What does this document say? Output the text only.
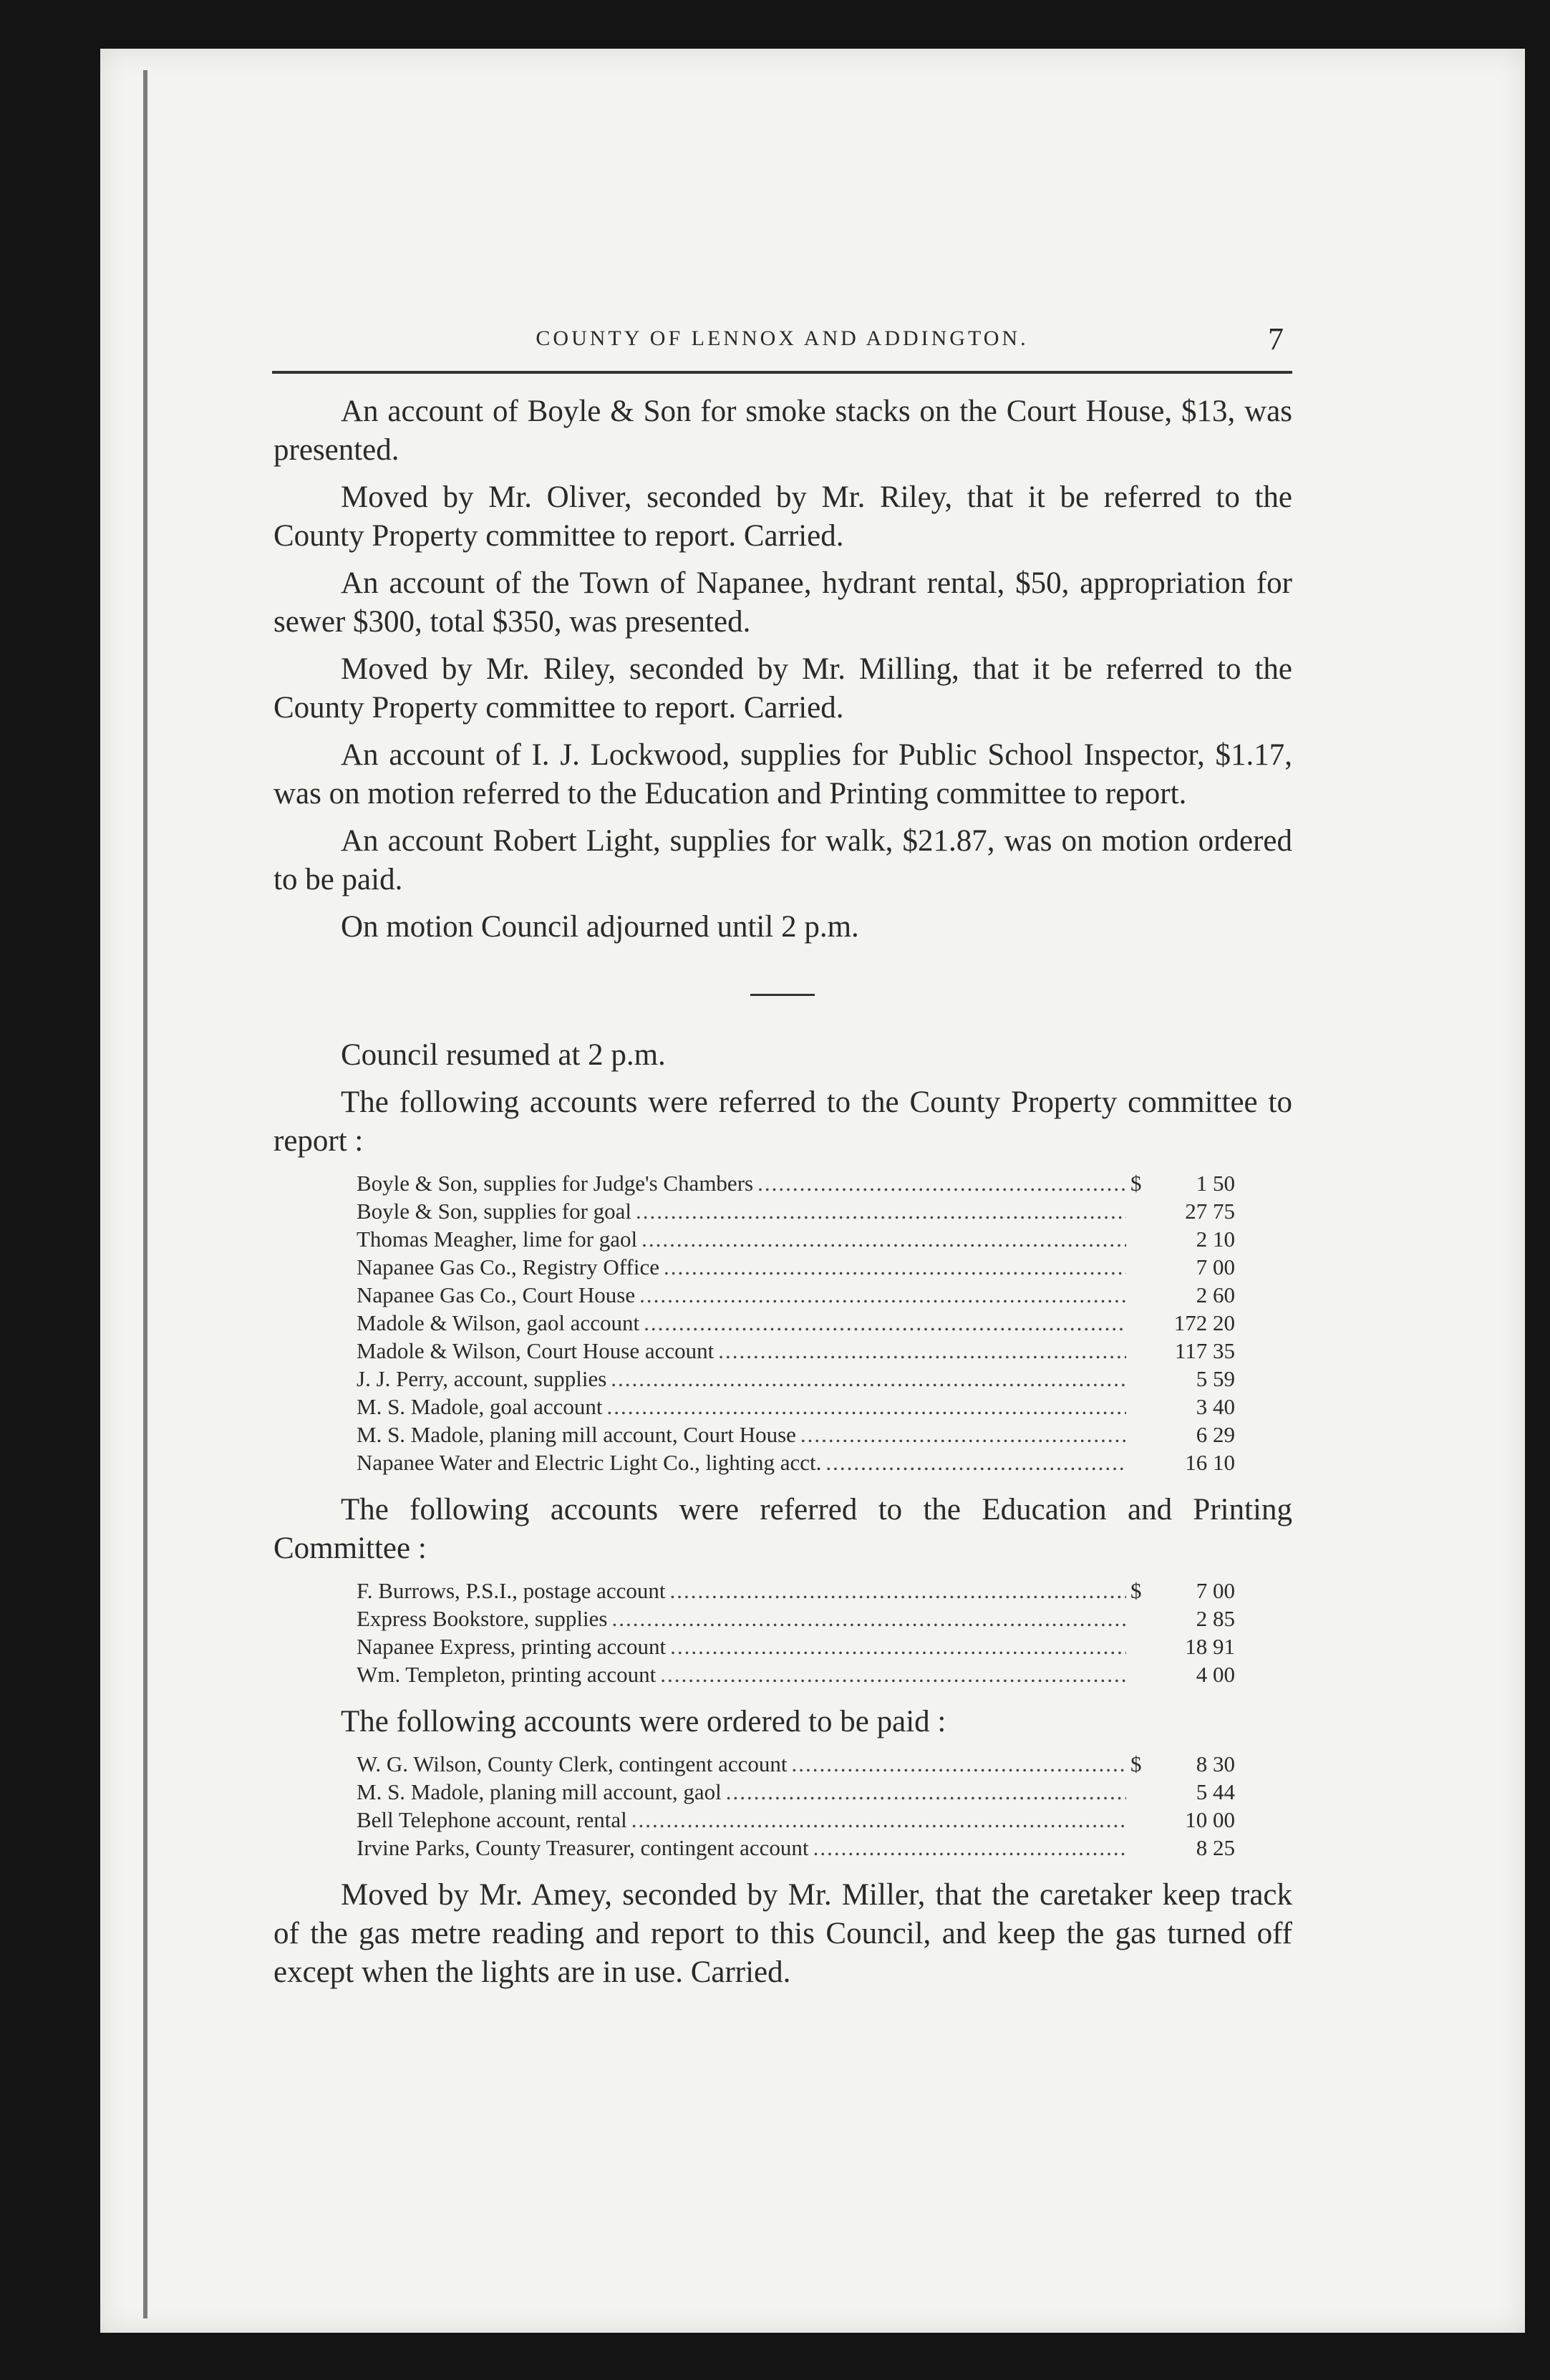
COUNTY OF LENNOX AND ADDINGTON.	7

An account of Boyle & Son for smoke stacks on the Court House, $13, was presented.

Moved by Mr. Oliver, seconded by Mr. Riley, that it be referred to the County Property committee to report. Carried.

An account of the Town of Napanee, hydrant rental, $50, appropriation for sewer $300, total $350, was presented.

Moved by Mr. Riley, seconded by Mr. Milling, that it be referred to the County Property committee to report. Carried.

An account of I. J. Lockwood, supplies for Public School Inspector, $1.17, was on motion referred to the Education and Printing committee to report.

An account Robert Light, supplies for walk, $21.87, was on motion ordered to be paid.

On motion Council adjourned until 2 p.m.

Council resumed at 2 p.m.

The following accounts were referred to the County Property committee to report :

Boyle & Son, supplies for Judge's Chambers .....	$	1 50
Boyle & Son, supplies for goal .....	27 75
Thomas Meagher, lime for gaol .....	2 10
Napanee Gas Co., Registry Office .....	7 00
Napanee Gas Co., Court House .....	2 60
Madole & Wilson, gaol account .....	172 20
Madole & Wilson, Court House account .....	117 35
J. J. Perry, account, supplies .....	5 59
M. S. Madole, goal account .....	3 40
M. S. Madole, planing mill account, Court House .....	6 29
Napanee Water and Electric Light Co., lighting acct. .....	16 10

The following accounts were referred to the Education and Printing Committee :

F. Burrows, P.S.I., postage account .....	$	7 00
Express Bookstore, supplies .....	2 85
Napanee Express, printing account .....	18 91
Wm. Templeton, printing account .....	4 00

The following accounts were ordered to be paid :

W. G. Wilson, County Clerk, contingent account .....	$	8 30
M. S. Madole, planing mill account, gaol .....	5 44
Bell Telephone account, rental .....	10 00
Irvine Parks, County Treasurer, contingent account .....	8 25

Moved by Mr. Amey, seconded by Mr. Miller, that the caretaker keep track of the gas metre reading and report to this Council, and keep the gas turned off except when the lights are in use. Carried.
